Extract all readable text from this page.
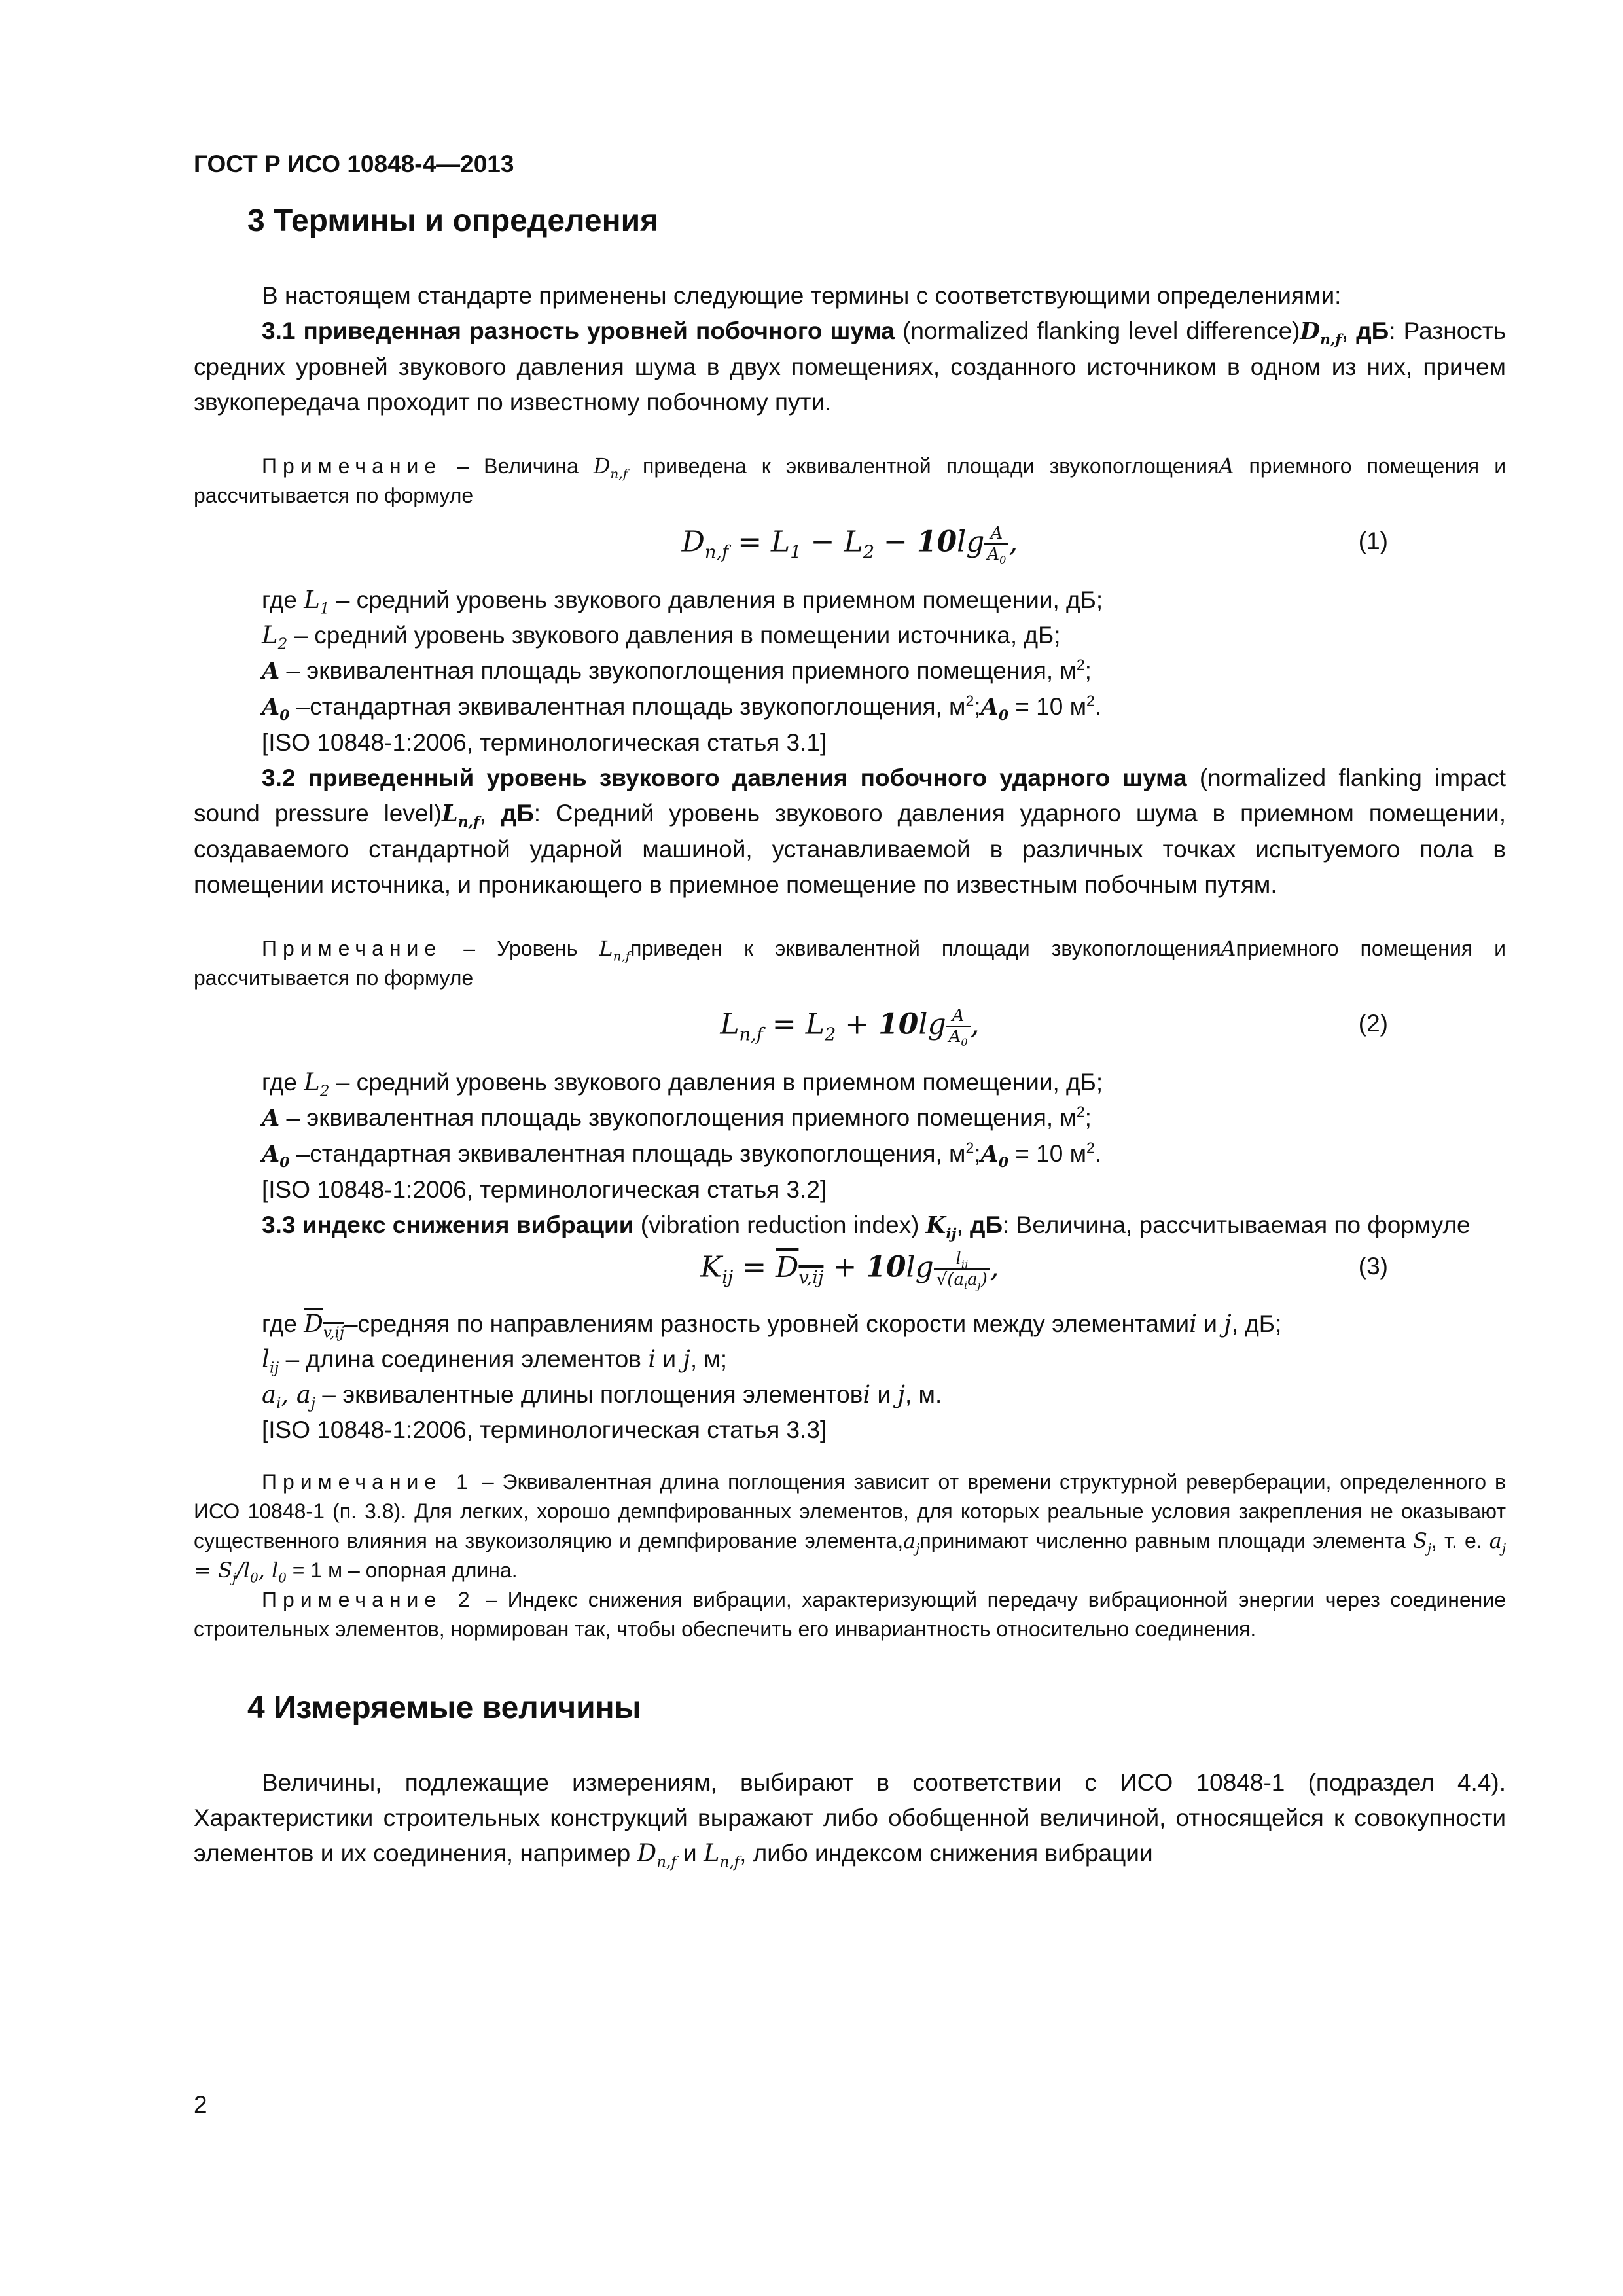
ГОСТ Р ИСО 10848-4—2013
3 Термины и определения

В настоящем стандарте применены следующие термины с соответствующими определениями:

3.1 приведенная разность уровней побочного шума (normalized flanking level $difference)D_{n,f}$, дБ: Разность средних уровней звукового давления шума в двух помещениях, созданного источником в одном из них, причем звукопередача проходит по известному побочному пути.

Примечание – Величина $D_{n,f}$ приведена к эквивалентной площади звукопоглощенияA приемного помещения и рассчитывается по формуле

$D_{n,f} = L_1 - L_2 - 10\lg \frac{A}{A_0}$ ,	(1)

где $L_1$ – средний уровень звукового давления в приемном помещении, дБ;

$L_2$ – средний уровень звукового давления в помещении источника, дБ;

A – эквивалентная площадь звукопоглощения приемного помещения, $м^2$;

$A_0$ –стандартная эквивалентная площадь звукопоглощения, $м^2;A_0 = 10$ $м^2$.

[ISO 10848-1:2006, терминологическая статья 3.1]

3.2 приведенный уровень звукового давления побочного ударного шума (normalized flanking impact sound pressure $level)L_{n,f}$, дБ: Средний уровень звукового давления ударного шума в приемном помещении, создаваемого стандартной ударной машиной, устанавливаемой в различных точках испытуемого пола в помещении источника, и проникающего в приемное помещение по известным побочным путям.

Примечание – Уровень $L_{n,f}приведен$ к эквивалентной площади звукопоглощенияAприемного помещения и рассчитывается по формуле

$L_{n,f} = L_2 + 10\lg \frac{A}{A_0}$ ,	(2)

где $L_2$ – средний уровень звукового давления в приемном помещении, дБ;

A – эквивалентная площадь звукопоглощения приемного помещения, $м^2$;

$A_0$ –стандартная эквивалентная площадь звукопоглощения, $м^2;A_0 = 10$ $м^2$.

[ISO 10848-1:2006, терминологическая статья 3.2]

3.3 индекс снижения вибрации (vibration reduction index) $K_{ij}$, дБ: Величина, рассчитываемая по формуле

$K_{ij} = D_{v,ij} + 10\lg \frac{l_{ij}}{√(a_ia_j)}$ ,	(3)

где $D_{v,ij}$–средняя по направлениям разность уровней скорости между элементамиi и j, дБ;

$l_{ij}$ – длина соединения элементов i и j, м;

$a_i$, $a_j$ – эквивалентные длины поглощения элементовi и j, м.

[ISO 10848-1:2006, терминологическая статья 3.3]

Примечание 1 – Эквивалентная длина поглощения зависит от времени структурной реверберации, определенного в ИСО 10848-1 (п. 3.8). Для легких, хорошо демпфированных элементов, для которых реальные условия закрепления не оказывают существенного влияния на звукоизоляцию и демпфирование $элемента,a_jпринимают$ численно равным площади элемента $S_j$, т. е. $a_j = S_j/l_0$, $l_0 = 1$ м – опорная длина.

Примечание 2 – Индекс снижения вибрации, характеризующий передачу вибрационной энергии через соединение строительных элементов, нормирован так, чтобы обеспечить его инвариантность относительно соединения.

4 Измеряемые величины

Величины, подлежащие измерениям, выбирают в соответствии с ИСО 10848-1 (подраздел 4.4). Характеристики строительных конструкций выражают либо обобщенной величиной, относящейся к совокупности элементов и их соединения, например $D_{n,f}$ и $L_{n,f}$, либо индексом снижения вибрации

2
